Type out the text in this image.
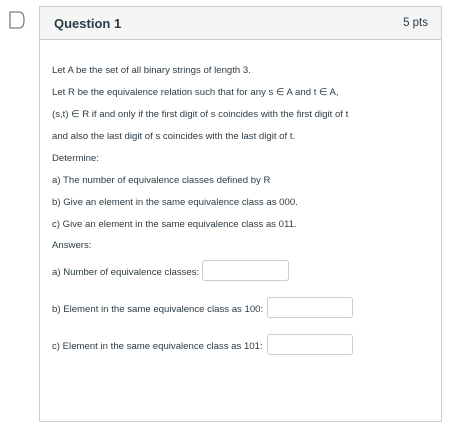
Question 1	5 pts
Let A be the set of all binary strings of length 3.
Let R be the equivalence relation such that for any s ∈ A and t ∈ A,
(s,t) ∈ R if and only if the first digit of s coincides with the first digit of t
and also the last digit of s coincides with the last digit of t.
Determine:
a) The number of equivalence classes defined by R
b) Give an element in the same equivalence class as 000.
c) Give an element in the same equivalence class as 011.
Answers:
a) Number of equivalence classes:
b) Element in the same equivalence class as 100:
c) Element in the same equivalence class as 101:
